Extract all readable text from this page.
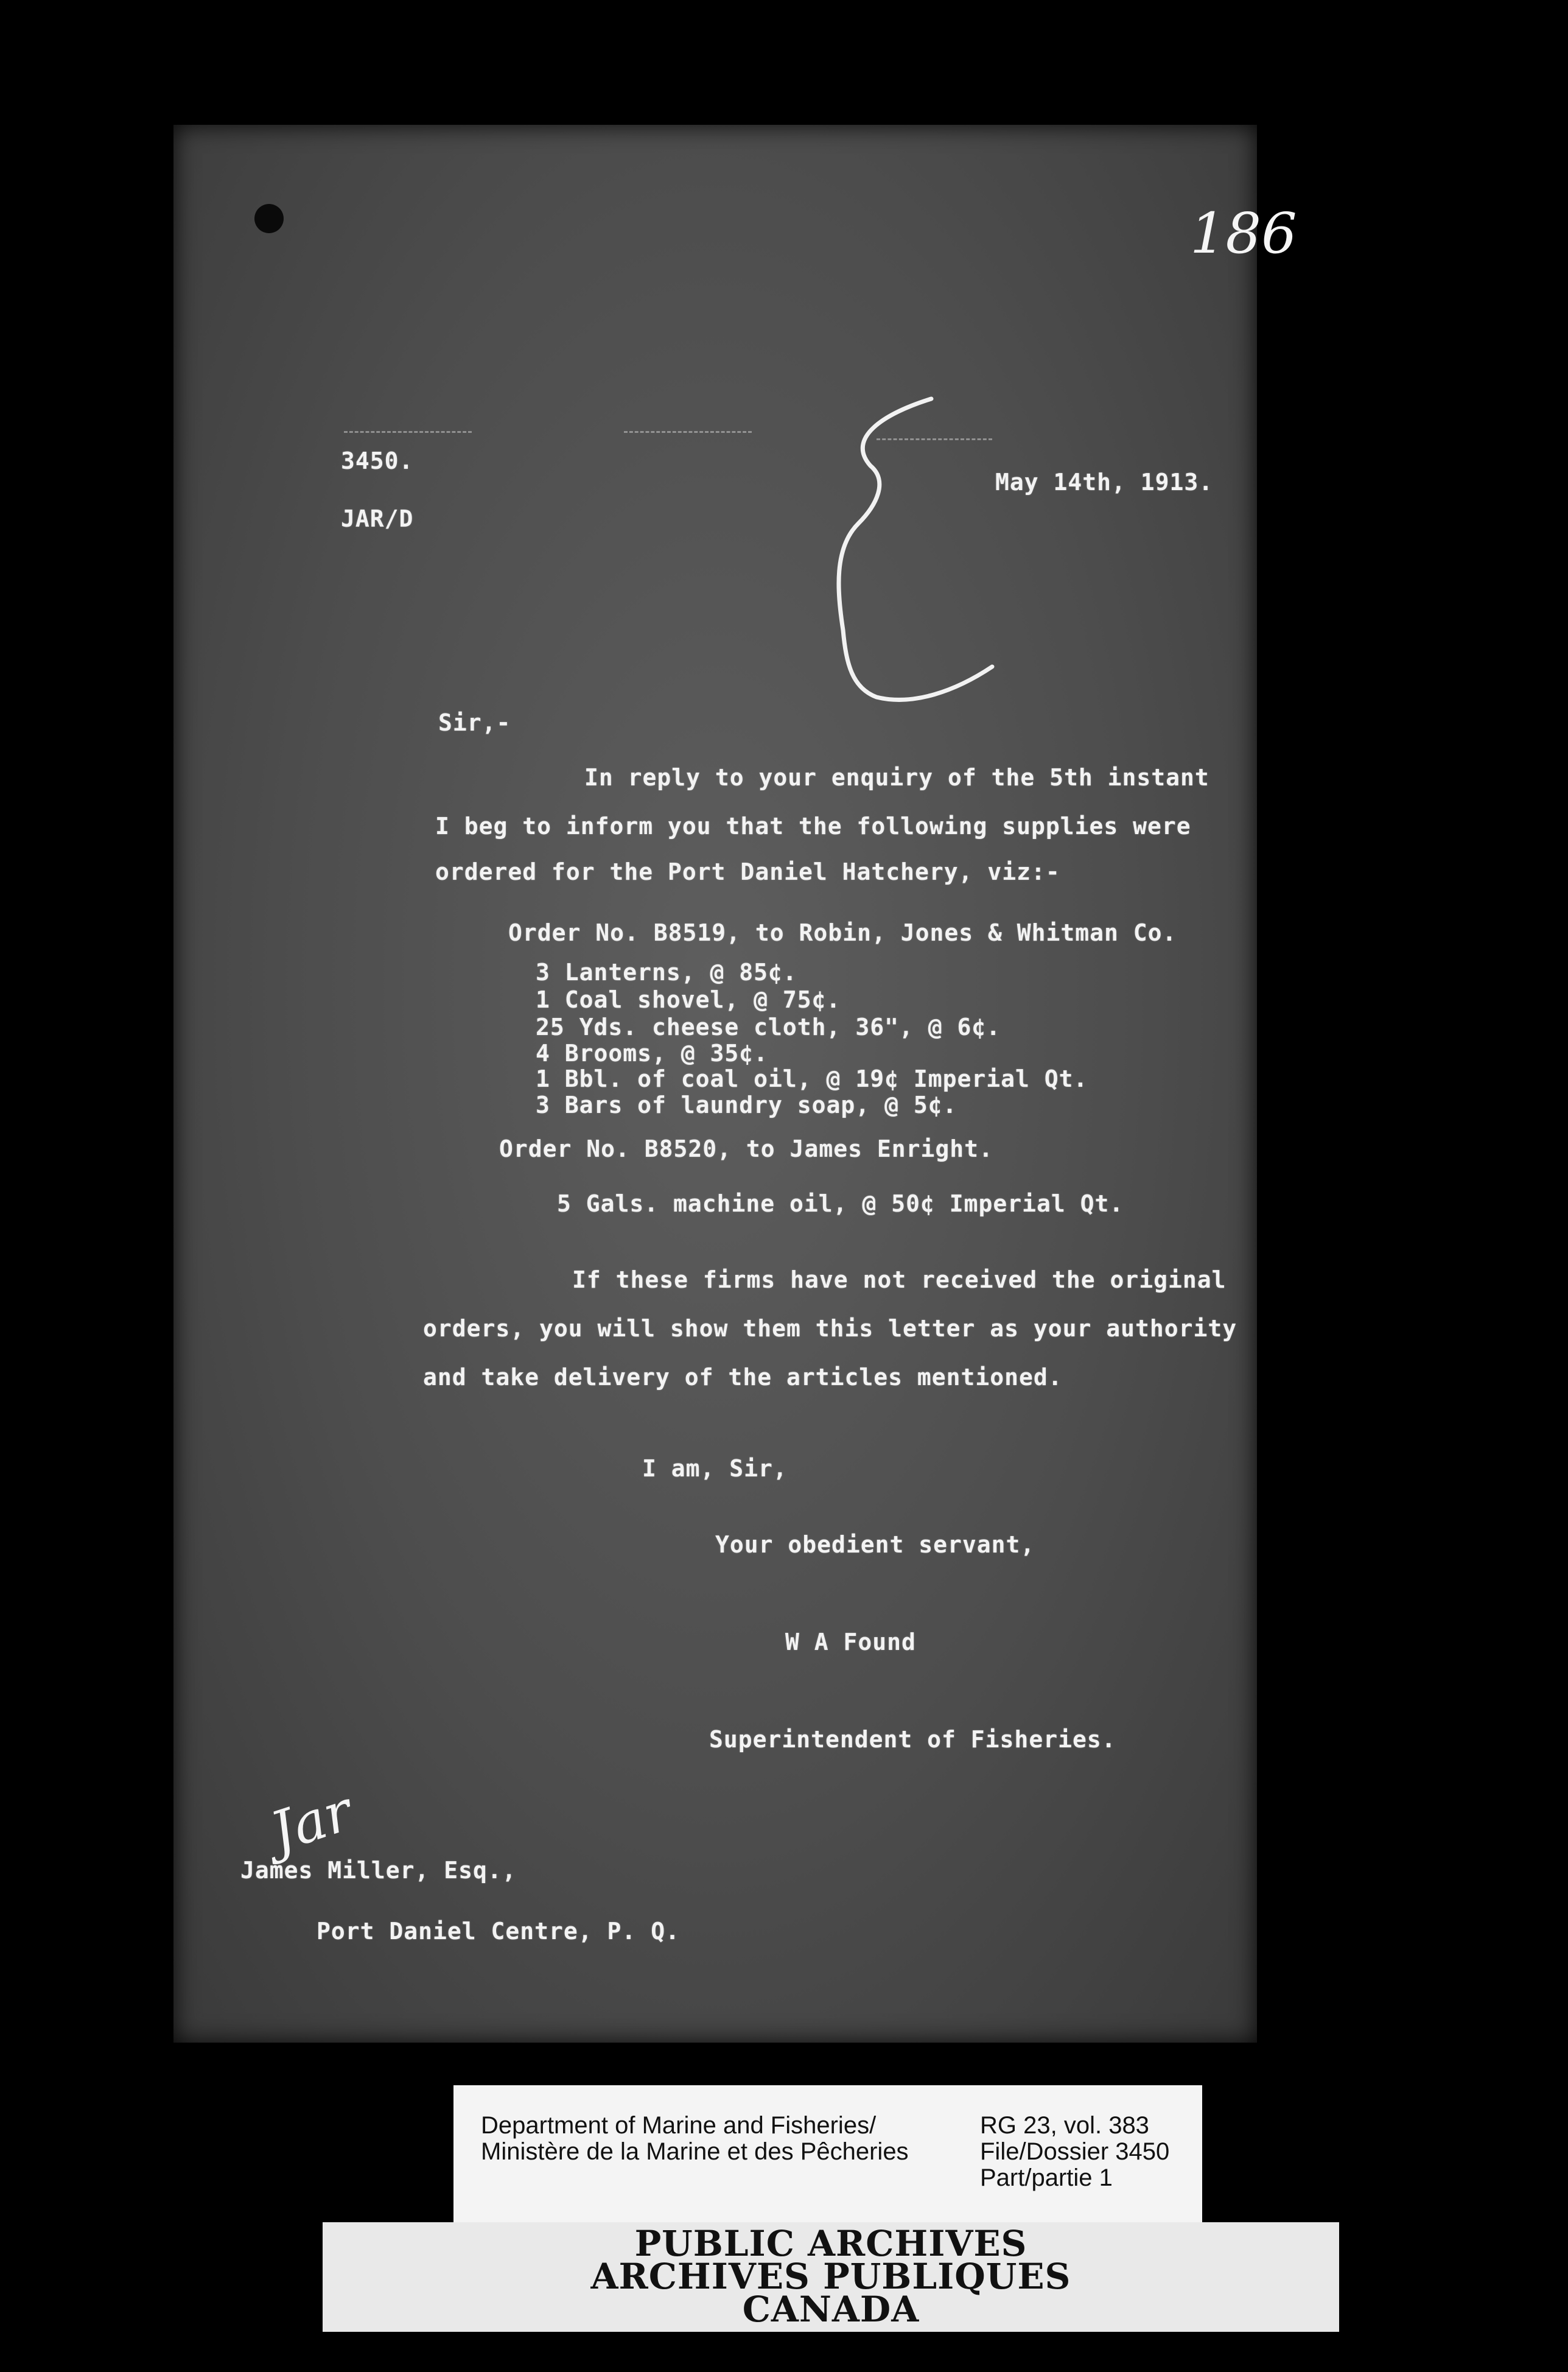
186
3450.
JAR/D
May 14th, 1913.
Sir,-
In reply to your enquiry of the 5th instant
I beg to inform you that the following supplies were
ordered for the Port Daniel Hatchery, viz:-
Order No. B8519, to Robin, Jones & Whitman Co.
3 Lanterns, @ 85¢.
1 Coal shovel, @ 75¢.
25 Yds. cheese cloth, 36", @ 6¢.
4 Brooms, @ 35¢.
1 Bbl. of coal oil, @ 19¢ Imperial Qt.
3 Bars of laundry soap, @ 5¢.
Order No. B8520, to James Enright.
5 Gals. machine oil, @ 50¢ Imperial Qt.
If these firms have not received the original
orders, you will show them this letter as your authority
and take delivery of the articles mentioned.
I am, Sir,
Your obedient servant,
W A Found
Superintendent of Fisheries.
Jar
James Miller, Esq.,
Port Daniel Centre, P. Q.
Department of Marine and Fisheries/
Ministère de la Marine et des Pêcheries
RG 23, vol. 383
File/Dossier 3450
Part/partie 1
PUBLIC ARCHIVES
ARCHIVES PUBLIQUES
CANADA
